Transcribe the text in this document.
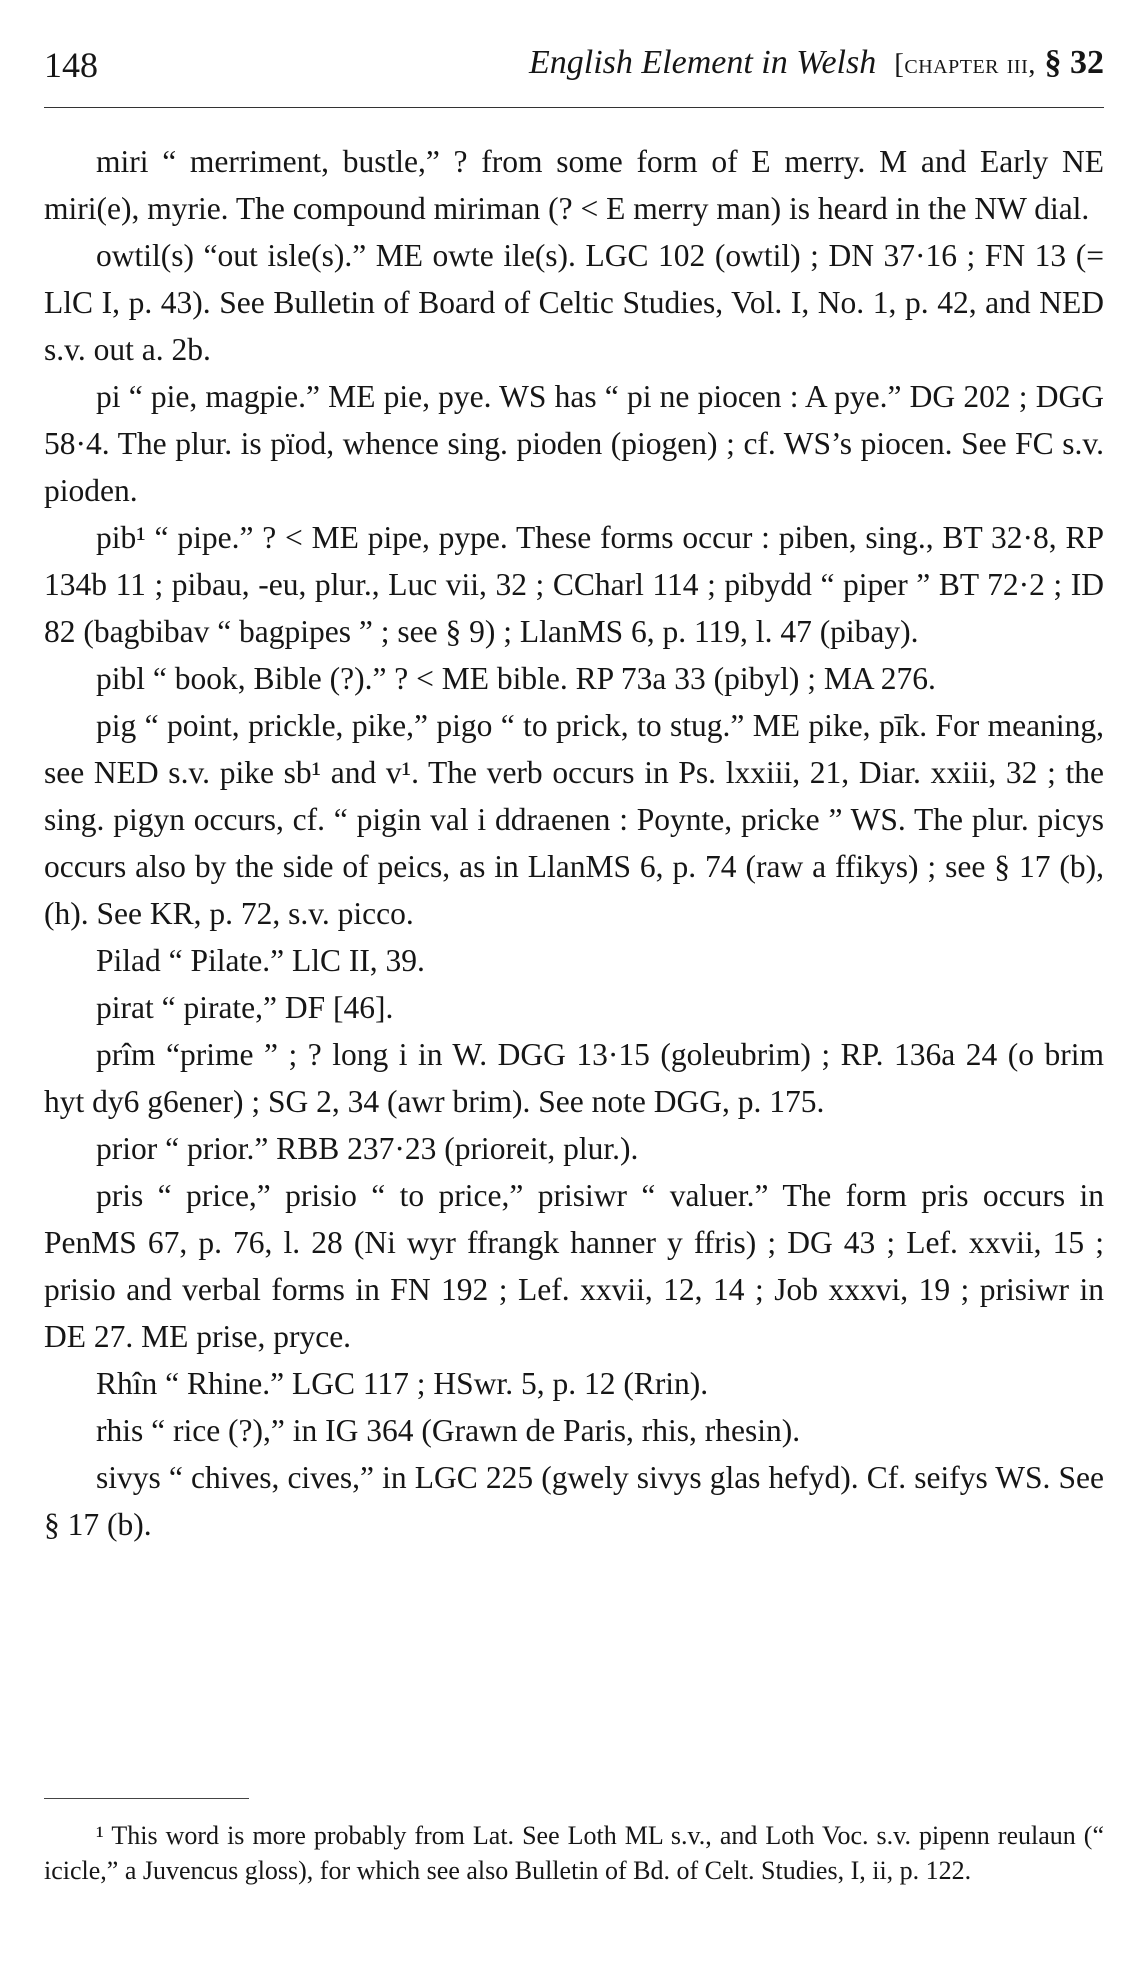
148	English Element in Welsh [chapter iii, § 32

miri “ merriment, bustle,” ? from some form of E merry. M and Early NE miri(e), myrie. The compound miriman (? < E merry man) is heard in the NW dial.

owtil(s) “out isle(s).” ME owte ile(s). LGC 102 (owtil) ; DN 37·16 ; FN 13 (= LlC I, p. 43). See Bulletin of Board of Celtic Studies, Vol. I, No. 1, p. 42, and NED s.v. out a. 2b.

pi “ pie, magpie.” ME pie, pye. WS has “ pi ne piocen : A pye.” DG 202 ; DGG 58·4. The plur. is pïod, whence sing. pioden (piogen) ; cf. WS’s piocen. See FC s.v. pioden.

pib¹ “ pipe.” ? < ME pipe, pype. These forms occur : piben, sing., BT 32·8, RP 134b 11 ; pibau, -eu, plur., Luc vii, 32 ; CCharl 114 ; pibydd “ piper ” BT 72·2 ; ID 82 (bagbibav “ bagpipes ” ; see § 9) ; LlanMS 6, p. 119, l. 47 (pibay).

pibl “ book, Bible (?).” ? < ME bible. RP 73a 33 (pibyl) ; MA 276.

pig “ point, prickle, pike,” pigo “ to prick, to stug.” ME pike, pīk. For meaning, see NED s.v. pike sb¹ and v¹. The verb occurs in Ps. lxxiii, 21, Diar. xxiii, 32 ; the sing. pigyn occurs, cf. “ pigin val i ddraenen : Poynte, pricke ” WS. The plur. picys occurs also by the side of peics, as in LlanMS 6, p. 74 (raw a ffikys) ; see § 17 (b), (h). See KR, p. 72, s.v. picco.

Pilad “ Pilate.” LlC II, 39.

pirat “ pirate,” DF [46].

prîm “prime ” ; ? long i in W. DGG 13·15 (goleubrim) ; RP. 136a 24 (o brim hyt dy6 g6ener) ; SG 2, 34 (awr brim). See note DGG, p. 175.

prior “ prior.” RBB 237·23 (prioreit, plur.).

pris “ price,” prisio “ to price,” prisiwr “ valuer.” The form pris occurs in PenMS 67, p. 76, l. 28 (Ni wyr ffrangk hanner y ffris) ; DG 43 ; Lef. xxvii, 15 ; prisio and verbal forms in FN 192 ; Lef. xxvii, 12, 14 ; Job xxxvi, 19 ; prisiwr in DE 27. ME prise, pryce.

Rhîn “ Rhine.” LGC 117 ; HSwr. 5, p. 12 (Rrin).

rhis “ rice (?),” in IG 364 (Grawn de Paris, rhis, rhesin).

sivys “ chives, cives,” in LGC 225 (gwely sivys glas hefyd). Cf. seifys WS. See § 17 (b).

¹ This word is more probably from Lat. See Loth ML s.v., and Loth Voc. s.v. pipenn reulaun (“ icicle,” a Juvencus gloss), for which see also Bulletin of Bd. of Celt. Studies, I, ii, p. 122.
